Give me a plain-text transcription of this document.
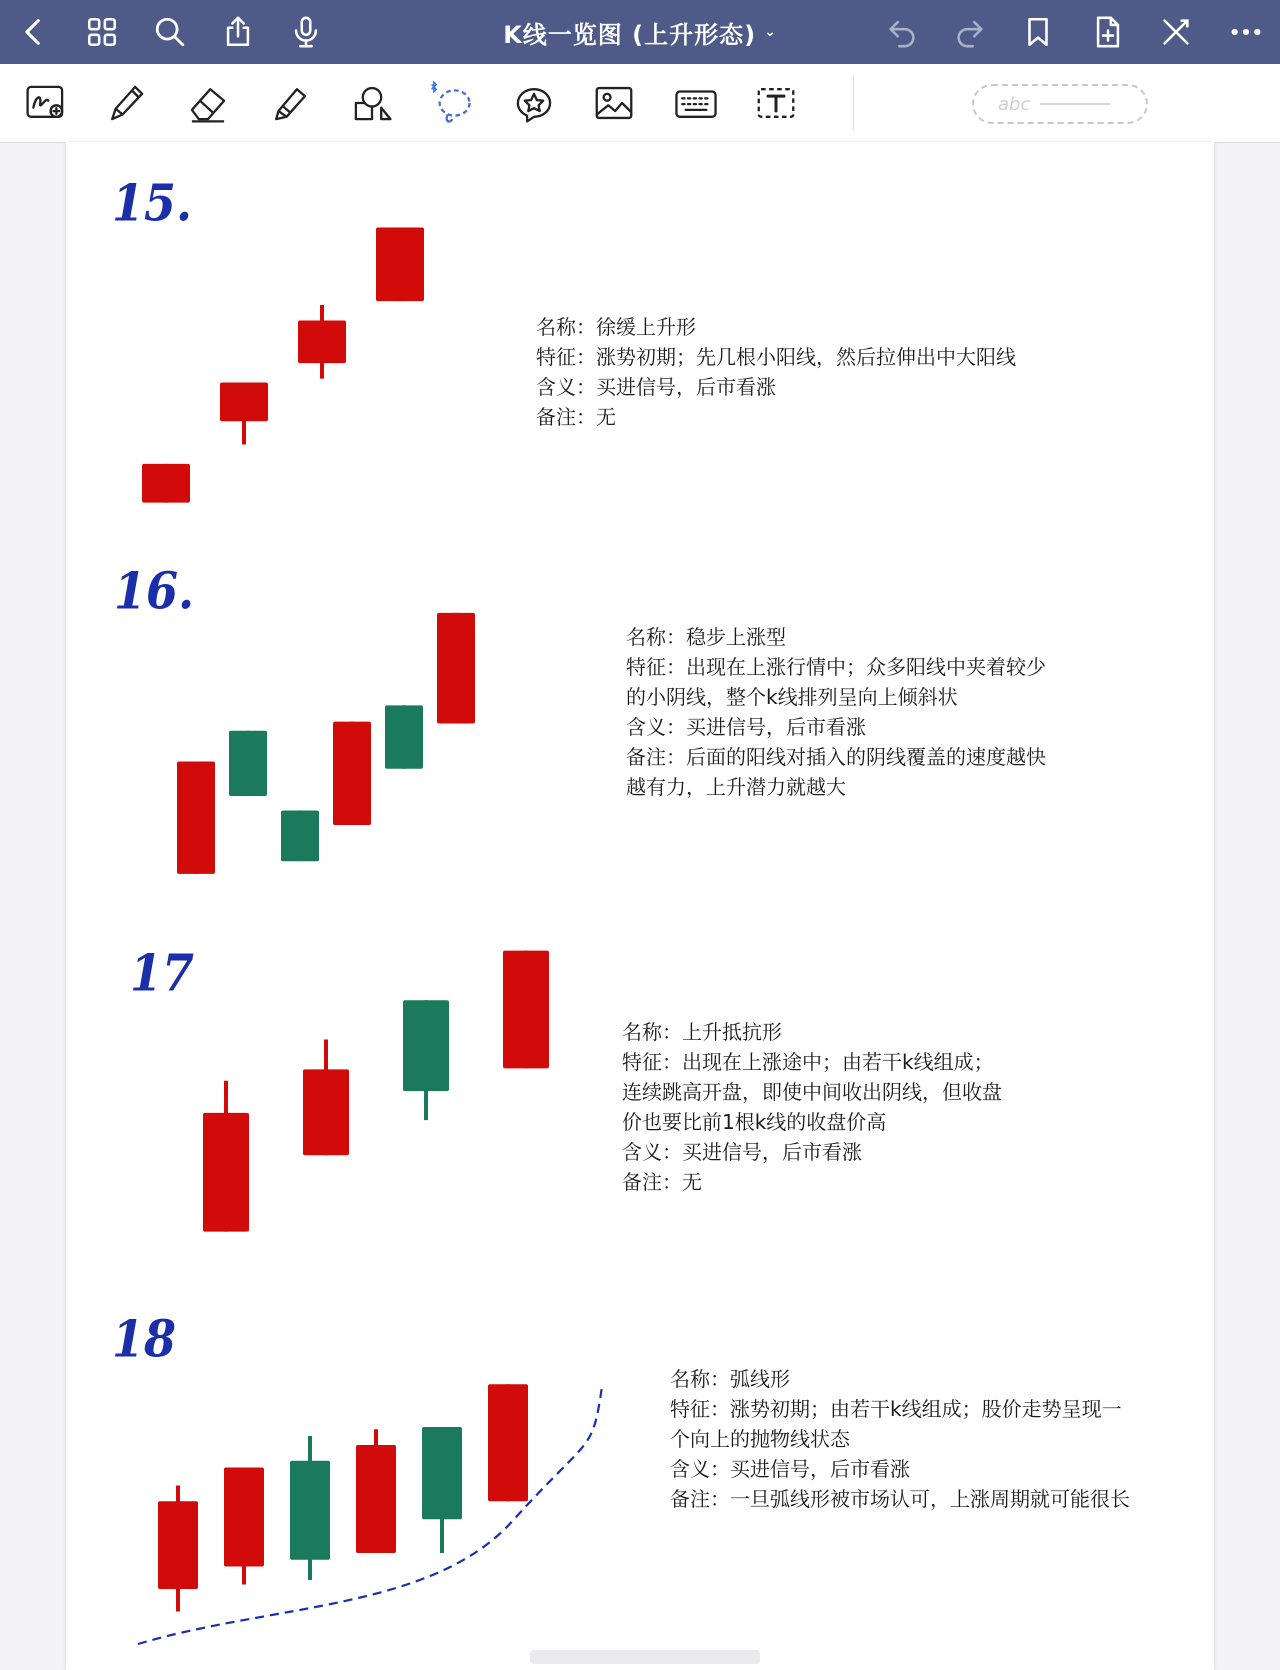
K线一览图 (上升形态) ⌄
abc
15.
名称：徐缓上升形
特征：涨势初期；先几根小阳线，然后拉伸出中大阳线
含义：买进信号，后市看涨
备注：无
16.
名称：稳步上涨型
特征：出现在上涨行情中；众多阳线中夹着较少的小阴线，整个k线排列呈向上倾斜状
含义：买进信号，后市看涨
备注：后面的阳线对插入的阴线覆盖的速度越快越有力，上升潜力就越大
17
名称：上升抵抗形
特征：出现在上涨途中；由若干k线组成；连续跳高开盘，即使中间收出阴线，但收盘价也要比前1根k线的收盘价高
含义：买进信号，后市看涨
备注：无
18
名称：弧线形
特征：涨势初期；由若干k线组成；股价走势呈现一个向上的抛物线状态
含义：买进信号，后市看涨
备注：一旦弧线形被市场认可，上涨周期就可能很长
